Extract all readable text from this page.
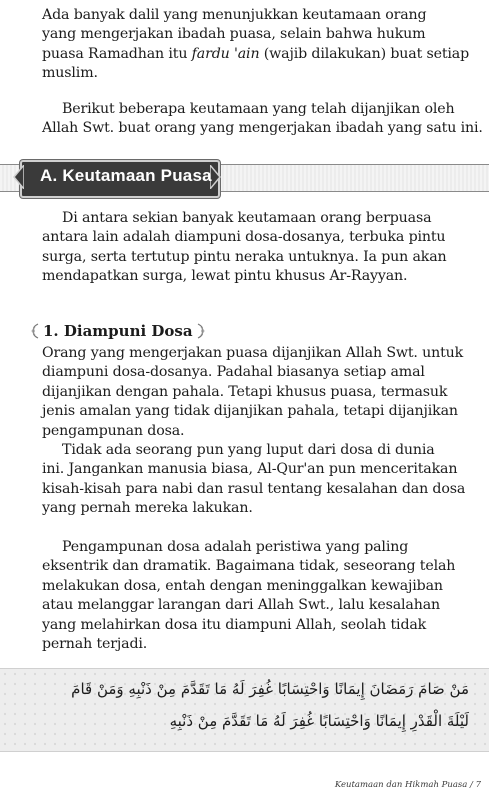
Ada banyak dalil yang menunjukkan keutamaan orang
yang mengerjakan ibadah puasa, selain bahwa hukum
puasa Ramadhan itu fardu 'ain (wajib dilakukan) buat setiap
muslim.

Berikut beberapa keutamaan yang telah dijanjikan oleh
Allah Swt. buat orang yang mengerjakan ibadah yang satu ini.

A. Keutamaan Puasa

Di antara sekian banyak keutamaan orang berpuasa
antara lain adalah diampuni dosa-dosanya, terbuka pintu
surga, serta tertutup pintu neraka untuknya. Ia pun akan
mendapatkan surga, lewat pintu khusus Ar-Rayyan.

1. Diampuni Dosa

Orang yang mengerjakan puasa dijanjikan Allah Swt. untuk
diampuni dosa-dosanya. Padahal biasanya setiap amal
dijanjikan dengan pahala. Tetapi khusus puasa, termasuk
jenis amalan yang tidak dijanjikan pahala, tetapi dijanjikan
pengampunan dosa.

Tidak ada seorang pun yang luput dari dosa di dunia
ini. Jangankan manusia biasa, Al-Qur'an pun menceritakan
kisah-kisah para nabi dan rasul tentang kesalahan dan dosa
yang pernah mereka lakukan.

Pengampunan dosa adalah peristiwa yang paling
eksentrik dan dramatik. Bagaimana tidak, seseorang telah
melakukan dosa, entah dengan meninggalkan kewajiban
atau melanggar larangan dari Allah Swt., lalu kesalahan
yang melahirkan dosa itu diampuni Allah, seolah tidak
pernah terjadi.

مَنْ صَامَ رَمَضَانَ إِيمَانًا وَاحْتِسَابًا غُفِرَ لَهُ مَا تَقَدَّمَ مِنْ ذَنْبِهِ وَمَنْ قَامَ
لَيْلَةَ الْقَدْرِ إِيمَانًا وَاحْتِسَابًا غُفِرَ لَهُ مَا تَقَدَّمَ مِنْ ذَنْبِهِ
Keutamaan dan Hikmah Puasa / 7
